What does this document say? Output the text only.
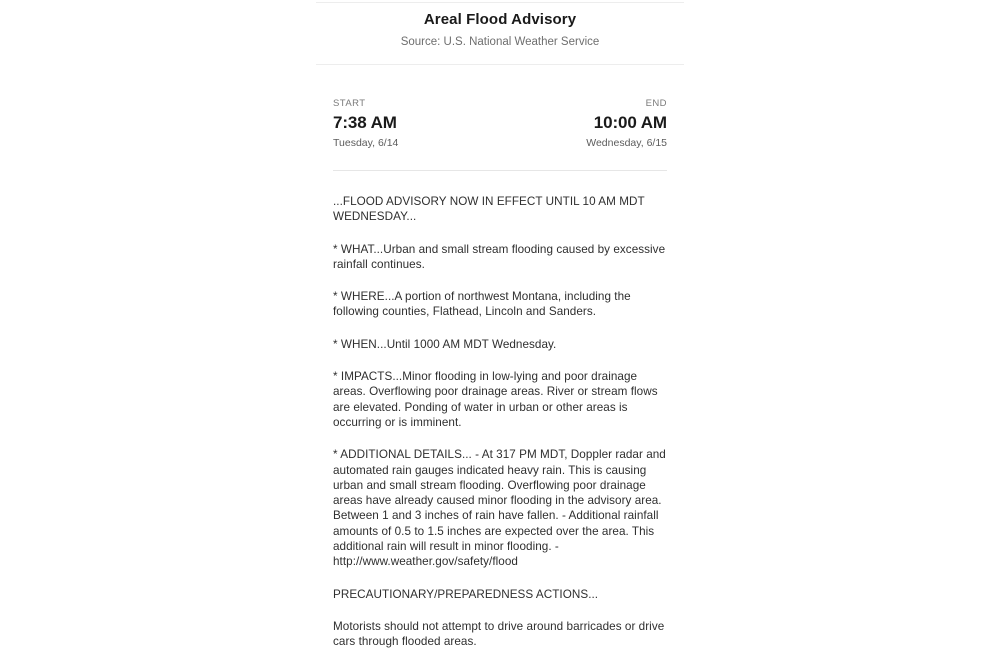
Areal Flood Advisory

Source: U.S. National Weather Service

START

7:38 AM

Tuesday, 6/14

END

10:00 AM

Wednesday, 6/15

...FLOOD ADVISORY NOW IN EFFECT UNTIL 10 AM MDT WEDNESDAY...

* WHAT...Urban and small stream flooding caused by excessive rainfall continues.

* WHERE...A portion of northwest Montana, including the following counties, Flathead, Lincoln and Sanders.

* WHEN...Until 1000 AM MDT Wednesday.

* IMPACTS...Minor flooding in low-lying and poor drainage areas. Overflowing poor drainage areas. River or stream flows are elevated. Ponding of water in urban or other areas is occurring or is imminent.

* ADDITIONAL DETAILS... - At 317 PM MDT, Doppler radar and automated rain gauges indicated heavy rain. This is causing urban and small stream flooding. Overflowing poor drainage areas have already caused minor flooding in the advisory area. Between 1 and 3 inches of rain have fallen. - Additional rainfall amounts of 0.5 to 1.5 inches are expected over the area. This additional rain will result in minor flooding. - http://www.weather.gov/safety/flood

PRECAUTIONARY/PREPAREDNESS ACTIONS...

Motorists should not attempt to drive around barricades or drive cars through flooded areas.
